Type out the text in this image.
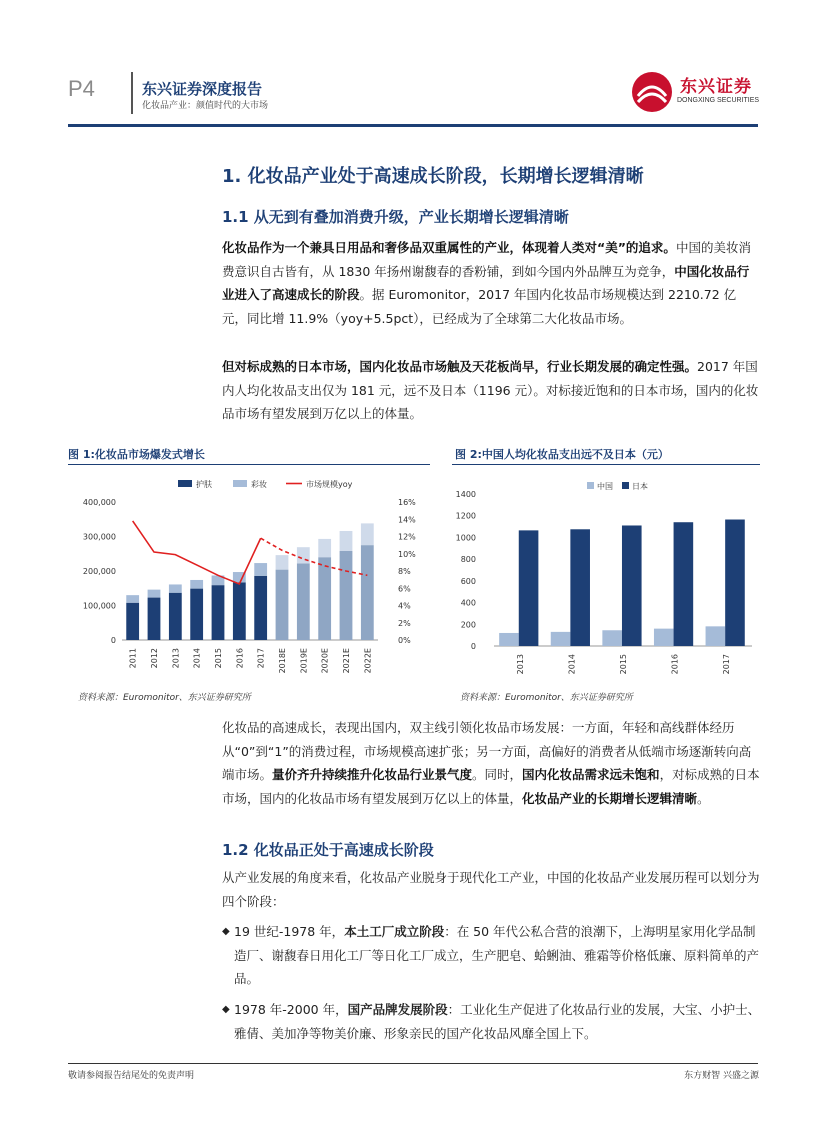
P4	东兴证券深度报告
化妆品产业：颜值时代的大市场
东兴证券
DONGXING SECURITIES
1. 化妆品产业处于高速成长阶段，长期增长逻辑清晰
1.1 从无到有叠加消费升级，产业长期增长逻辑清晰
化妆品作为一个兼具日用品和奢侈品双重属性的产业，体现着人类对“美”的追求。中国的美妆消费意识自古皆有，从 1830 年扬州谢馥春的香粉铺，到如今国内外品牌互为竞争，中国化妆品行业进入了高速成长的阶段。据 Euromonitor，2017 年国内化妆品市场规模达到 2210.72 亿元，同比增 11.9%（yoy+5.5pct），已经成为了全球第二大化妆品市场。
但对标成熟的日本市场，国内化妆品市场触及天花板尚早，行业长期发展的确定性强。2017 年国内人均化妆品支出仅为 181 元，远不及日本（1196 元）。对标接近饱和的日本市场，国内的化妆品市场有望发展到万亿以上的体量。
图 1:化妆品市场爆发式增长
0
100,000
200,000
300,000
400,000
0%
2%
4%
6%
8%
10%
12%
14%
16%
2011 2012 2013 2014 2015 2016 2017 2018E 2019E 2020E 2021E 2022E
护肤	彩妆	市场规模yoy
资料来源：Euromonitor、东兴证券研究所
图 2:中国人均化妆品支出远不及日本（元）
0
200
400
600
800
1000
1200
1400
2013	2014	2015	2016	2017
中国 日本
资料来源：Euromonitor、东兴证券研究所
化妆品的高速成长，表现出国内，双主线引领化妆品市场发展：一方面，年轻和高线群体经历从“0”到“1”的消费过程，市场规模高速扩张；另一方面，高偏好的消费者从低端市场逐渐转向高端市场。量价齐升持续推升化妆品行业景气度。同时，国内化妆品需求远未饱和，对标成熟的日本市场，国内的化妆品市场有望发展到万亿以上的体量，化妆品产业的长期增长逻辑清晰。
1.2 化妆品正处于高速成长阶段
从产业发展的角度来看，化妆品产业脱身于现代化工产业，中国的化妆品产业发展历程可以划分为四个阶段：
◆ 19 世纪-1978 年，本土工厂成立阶段：在 50 年代公私合营的浪潮下，上海明星家用化学品制造厂、谢馥春日用化工厂等日化工厂成立，生产肥皂、蛤蜊油、雅霜等价格低廉、原料简单的产品。
◆ 1978 年-2000 年，国产品牌发展阶段：工业化生产促进了化妆品行业的发展，大宝、小护士、雅倩、美加净等物美价廉、形象亲民的国产化妆品风靡全国上下。
敬请参阅报告结尾处的免责声明	东方财智 兴盛之源
